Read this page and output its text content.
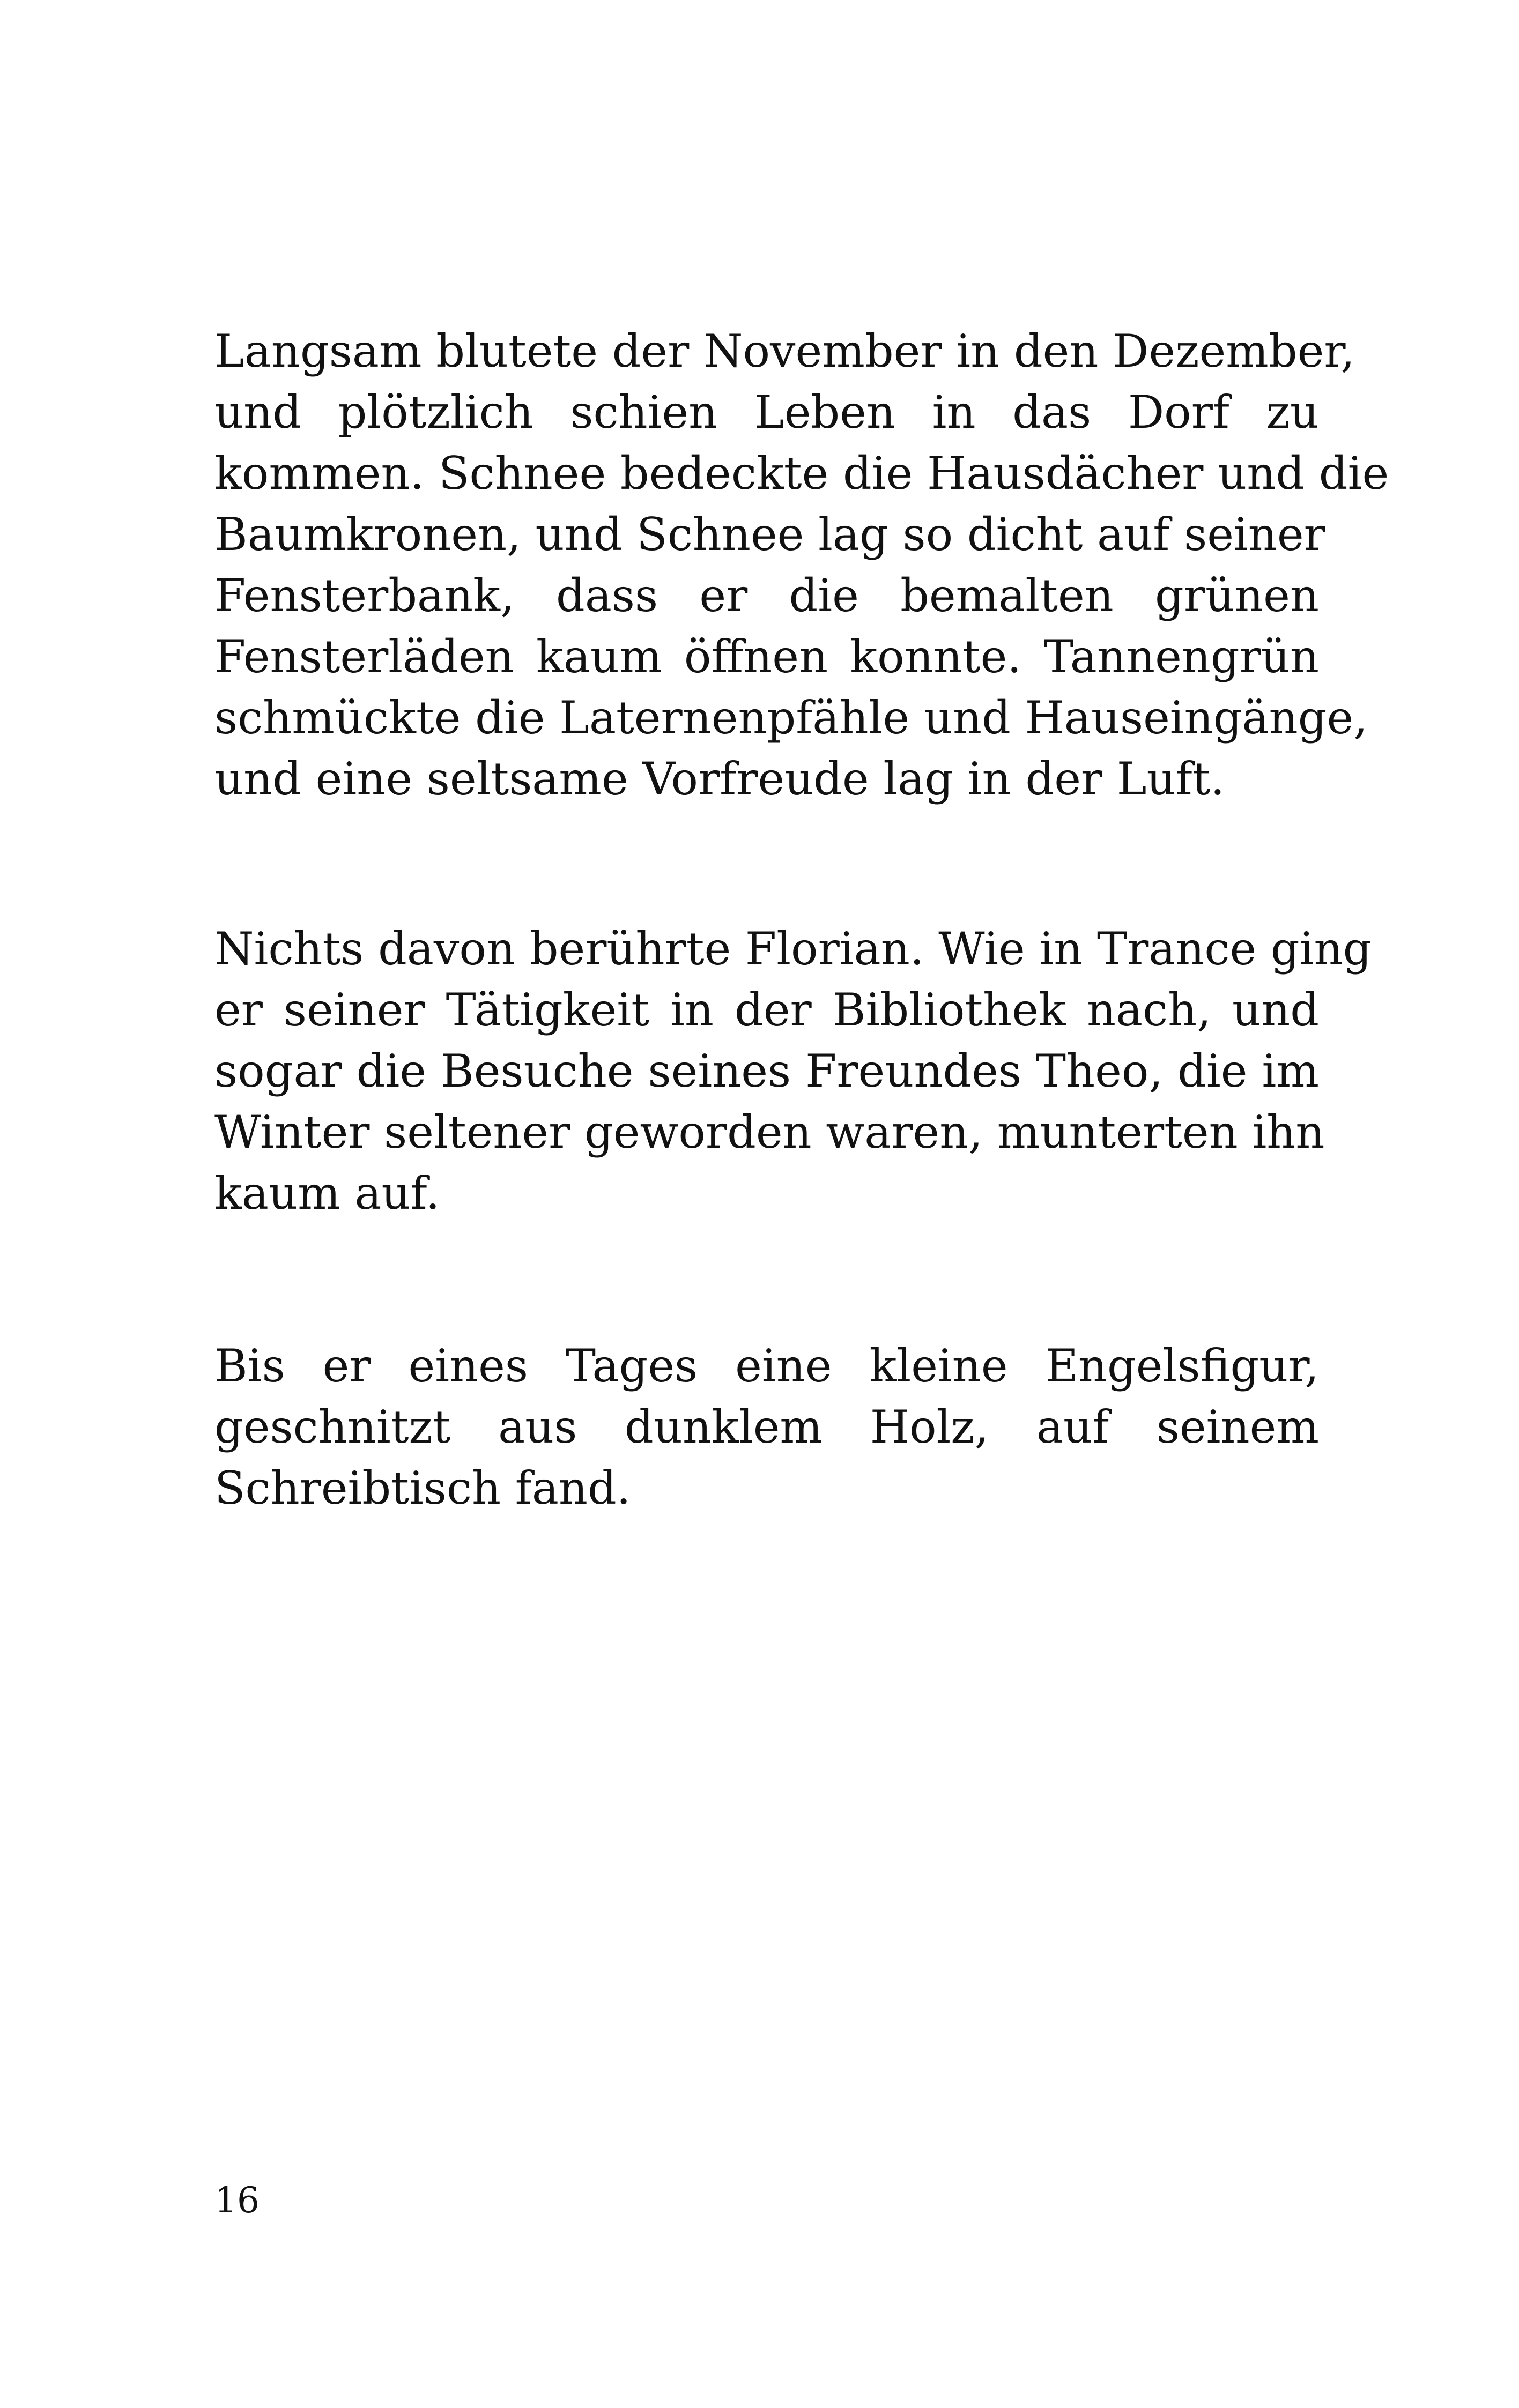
Langsam blutete der November in den Dezember,
und plötzlich schien Leben in das Dorf zu
kommen. Schnee bedeckte die Hausdächer und die
Baumkronen, und Schnee lag so dicht auf seiner
Fensterbank, dass er die bemalten grünen
Fensterläden kaum öffnen konnte. Tannengrün
schmückte die Laternenpfähle und Hauseingänge,
und eine seltsame Vorfreude lag in der Luft.
Nichts davon berührte Florian. Wie in Trance ging
er seiner Tätigkeit in der Bibliothek nach, und
sogar die Besuche seines Freundes Theo, die im
Winter seltener geworden waren, munterten ihn
kaum auf.
Bis er eines Tages eine kleine Engelsfigur,
geschnitzt aus dunklem Holz, auf seinem
Schreibtisch fand.
16
